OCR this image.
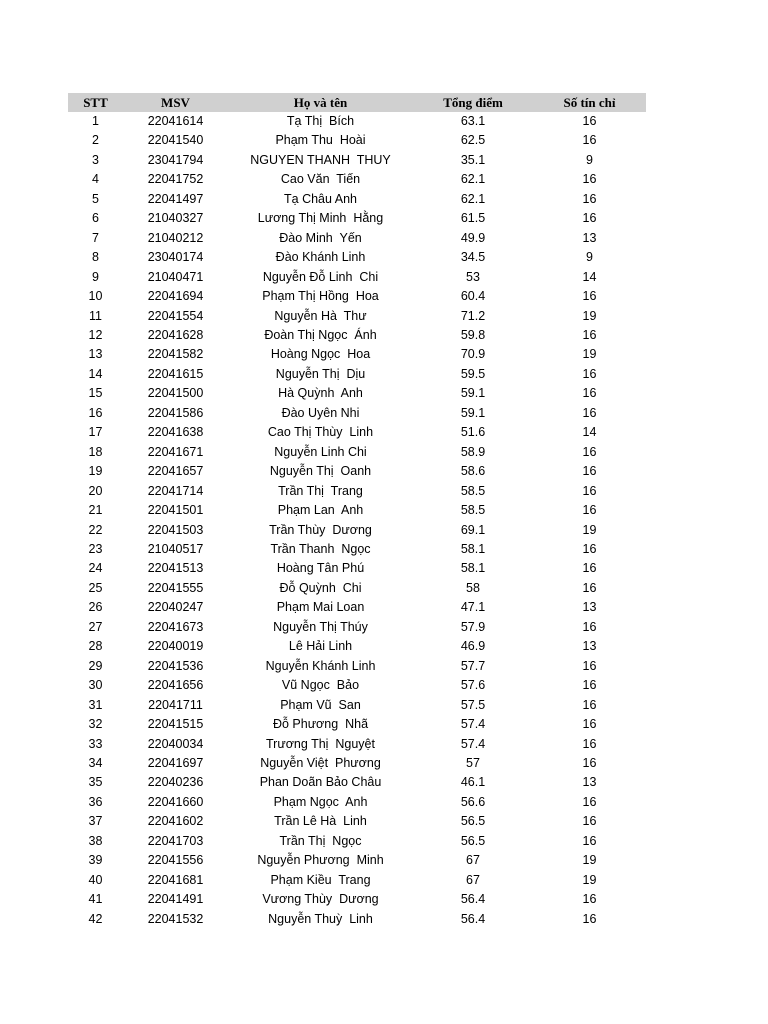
STT	MSV	Họ và tên	Tổng điểm	Số tín chỉ
1	22041614	Tạ Thị  Bích	63.1	16
2	22041540	Phạm Thu  Hoài	62.5	16
3	23041794	NGUYEN THANH  THUY	35.1	9
4	22041752	Cao Văn  Tiến	62.1	16
5	22041497	Tạ Châu Anh	62.1	16
6	21040327	Lương Thị Minh  Hằng	61.5	16
7	21040212	Đào Minh  Yến	49.9	13
8	23040174	Đào Khánh Linh	34.5	9
9	21040471	Nguyễn Đỗ Linh  Chi	53	14
10	22041694	Phạm Thị Hồng  Hoa	60.4	16
11	22041554	Nguyễn Hà  Thư	71.2	19
12	22041628	Đoàn Thị Ngọc  Ánh	59.8	16
13	22041582	Hoàng Ngọc  Hoa	70.9	19
14	22041615	Nguyễn Thị  Dịu	59.5	16
15	22041500	Hà Quỳnh  Anh	59.1	16
16	22041586	Đào Uyên Nhi	59.1	16
17	22041638	Cao Thị Thùy  Linh	51.6	14
18	22041671	Nguyễn Linh Chi	58.9	16
19	22041657	Nguyễn Thị  Oanh	58.6	16
20	22041714	Trần Thị  Trang	58.5	16
21	22041501	Phạm Lan  Anh	58.5	16
22	22041503	Trần Thùy  Dương	69.1	19
23	21040517	Trần Thanh  Ngọc	58.1	16
24	22041513	Hoàng Tân Phú	58.1	16
25	22041555	Đỗ Quỳnh  Chi	58	16
26	22040247	Phạm Mai Loan	47.1	13
27	22041673	Nguyễn Thị Thúy	57.9	16
28	22040019	Lê Hải Linh	46.9	13
29	22041536	Nguyễn Khánh Linh	57.7	16
30	22041656	Vũ Ngọc  Bảo	57.6	16
31	22041711	Phạm Vũ  San	57.5	16
32	22041515	Đỗ Phương  Nhã	57.4	16
33	22040034	Trương Thị  Nguyệt	57.4	16
34	22041697	Nguyễn Việt  Phương	57	16
35	22040236	Phan Doãn Bảo Châu	46.1	13
36	22041660	Phạm Ngọc  Anh	56.6	16
37	22041602	Trần Lê Hà  Linh	56.5	16
38	22041703	Trần Thị  Ngọc	56.5	16
39	22041556	Nguyễn Phương  Minh	67	19
40	22041681	Phạm Kiều  Trang	67	19
41	22041491	Vương Thùy  Dương	56.4	16
42	22041532	Nguyễn Thuỳ  Linh	56.4	16
